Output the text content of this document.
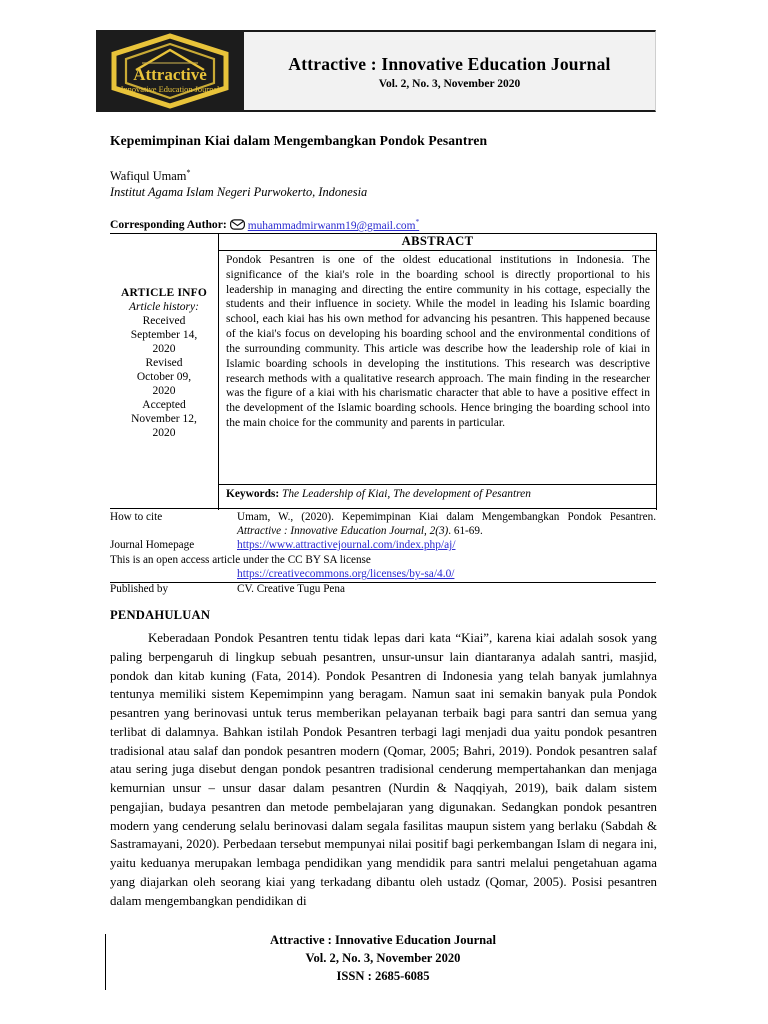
Attractive
Innovative Education Journal
Attractive : Innovative Education Journal
Vol. 2, No. 3, November 2020
Kepemimpinan Kiai dalam Mengembangkan Pondok Pesantren
Wafiqul Umam*
Institut Agama Islam Negeri Purwokerto, Indonesia
Corresponding Author: muhammadmirwanm19@gmail.com*
ABSTRACT
Pondok Pesantren is one of the oldest educational institutions in Indonesia. The significance of the kiai's role in the boarding school is directly proportional to his leadership in managing and directing the entire community in his cottage, especially the students and their influence in society. While the model in leading his Islamic boarding school, each kiai has his own method for advancing his pesantren. This happened because of the kiai's focus on developing his boarding school and the environmental conditions of the surrounding community. This article was describe how the leadership role of kiai in Islamic boarding schools in developing the institutions. This research was descriptive research methods with a qualitative research approach. The main finding in the researcher was the figure of a kiai with his charismatic character that able to have a positive effect in the development of the Islamic boarding schools. Hence bringing the boarding school into the main choice for the community and parents in particular.
Keywords: The Leadership of Kiai, The development of Pesantren
ARTICLE INFO
Article history:
Received
September 14,
2020
Revised
October 09,
2020
Accepted
November 12,
2020
How to cite	Umam, W., (2020). Kepemimpinan Kiai dalam Mengembangkan Pondok Pesantren. Attractive : Innovative Education Journal, 2(3). 61-69.
Journal Homepage	https://www.attractivejournal.com/index.php/aj/
This is an open access article under the CC BY SA license
https://creativecommons.org/licenses/by-sa/4.0/
Published by	CV. Creative Tugu Pena
PENDAHULUAN
Keberadaan Pondok Pesantren tentu tidak lepas dari kata “Kiai”, karena kiai adalah sosok yang paling berpengaruh di lingkup sebuah pesantren, unsur-unsur lain diantaranya adalah santri, masjid, pondok dan kitab kuning (Fata, 2014). Pondok Pesantren di Indonesia yang telah banyak jumlahnya tentunya memiliki sistem Kepemimpinn yang beragam. Namun saat ini semakin banyak pula Pondok pesantren yang berinovasi untuk terus memberikan pelayanan terbaik bagi para santri dan semua yang terlibat di dalamnya. Bahkan istilah Pondok Pesantren terbagi lagi menjadi dua yaitu pondok pesantren tradisional atau salaf dan pondok pesantren modern (Qomar, 2005; Bahri, 2019). Pondok pesantren salaf atau sering juga disebut dengan pondok pesantren tradisional cenderung mempertahankan dan menjaga kemurnian unsur – unsur dasar dalam pesantren (Nurdin & Naqqiyah, 2019), baik dalam sistem pengajian, budaya pesantren dan metode pembelajaran yang digunakan. Sedangkan pondok pesantren modern yang cenderung selalu berinovasi dalam segala fasilitas maupun sistem yang berlaku (Sabdah & Sastramayani, 2020). Perbedaan tersebut mempunyai nilai positif bagi perkembangan Islam di negara ini, yaitu keduanya merupakan lembaga pendidikan yang mendidik para santri melalui pengetahuan agama yang diajarkan oleh seorang kiai yang terkadang dibantu oleh ustadz (Qomar, 2005). Posisi pesantren dalam mengembangkan pendidikan di
Attractive : Innovative Education Journal
Vol. 2, No. 3, November 2020
ISSN : 2685-6085
